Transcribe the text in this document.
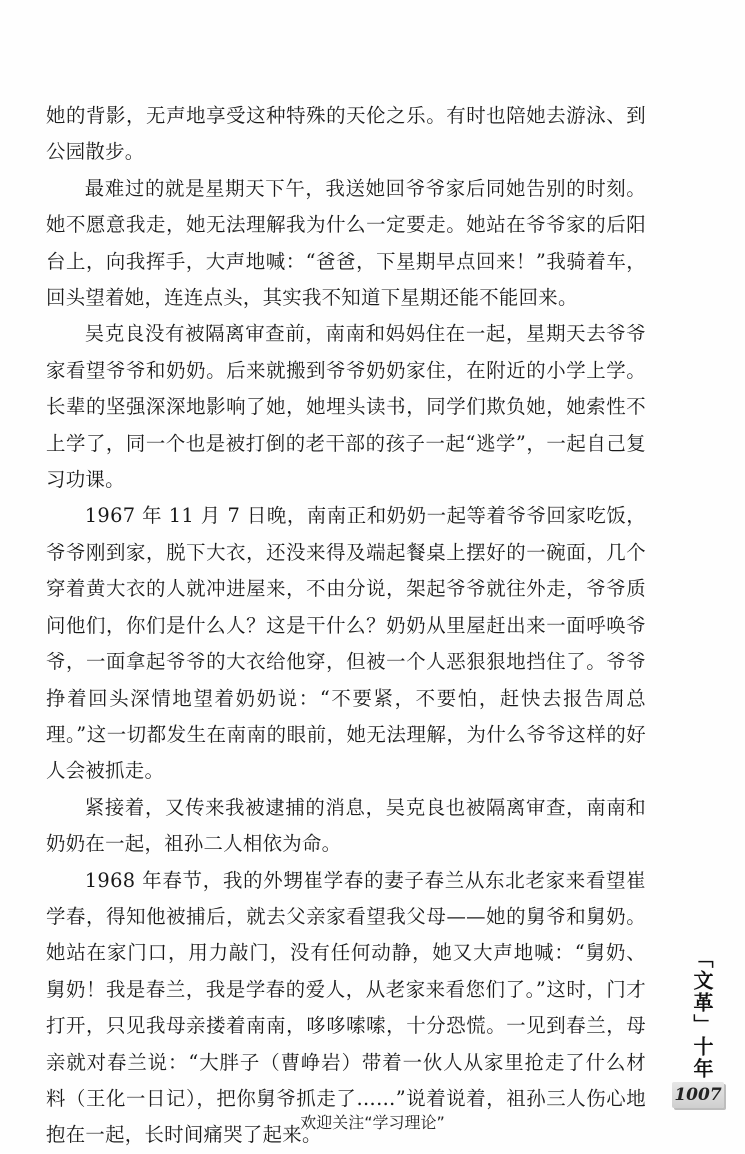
她的背影，无声地享受这种特殊的天伦之乐。有时也陪她去游泳、到公园散步。

最难过的就是星期天下午，我送她回爷爷家后同她告别的时刻。她不愿意我走，她无法理解我为什么一定要走。她站在爷爷家的后阳台上，向我挥手，大声地喊：“爸爸，下星期早点回来！”我骑着车，回头望着她，连连点头，其实我不知道下星期还能不能回来。

吴克良没有被隔离审查前，南南和妈妈住在一起，星期天去爷爷家看望爷爷和奶奶。后来就搬到爷爷奶奶家住，在附近的小学上学。长辈的坚强深深地影响了她，她埋头读书，同学们欺负她，她索性不上学了，同一个也是被打倒的老干部的孩子一起“逃学”，一起自己复习功课。

1967 年 11 月 7 日晚，南南正和奶奶一起等着爷爷回家吃饭，爷爷刚到家，脱下大衣，还没来得及端起餐桌上摆好的一碗面，几个穿着黄大衣的人就冲进屋来，不由分说，架起爷爷就往外走，爷爷质问他们，你们是什么人？这是干什么？奶奶从里屋赶出来一面呼唤爷爷，一面拿起爷爷的大衣给他穿，但被一个人恶狠狠地挡住了。爷爷挣着回头深情地望着奶奶说：“不要紧，不要怕，赶快去报告周总理。”这一切都发生在南南的眼前，她无法理解，为什么爷爷这样的好人会被抓走。

紧接着，又传来我被逮捕的消息，吴克良也被隔离审查，南南和奶奶在一起，祖孙二人相依为命。

1968 年春节，我的外甥崔学春的妻子春兰从东北老家来看望崔学春，得知他被捕后，就去父亲家看望我父母——她的舅爷和舅奶。她站在家门口，用力敲门，没有任何动静，她又大声地喊：“舅奶、舅奶！我是春兰，我是学春的爱人，从老家来看您们了。”这时，门才打开，只见我母亲搂着南南，哆哆嗦嗦，十分恐慌。一见到春兰，母亲就对春兰说：“大胖子（曹峥岩）带着一伙人从家里抢走了什么材料（王化一日记），把你舅爷抓走了……”说着说着，祖孙三人伤心地抱在一起，长时间痛哭了起来。

「文革」十年
1007
欢迎关注“学习理论”
